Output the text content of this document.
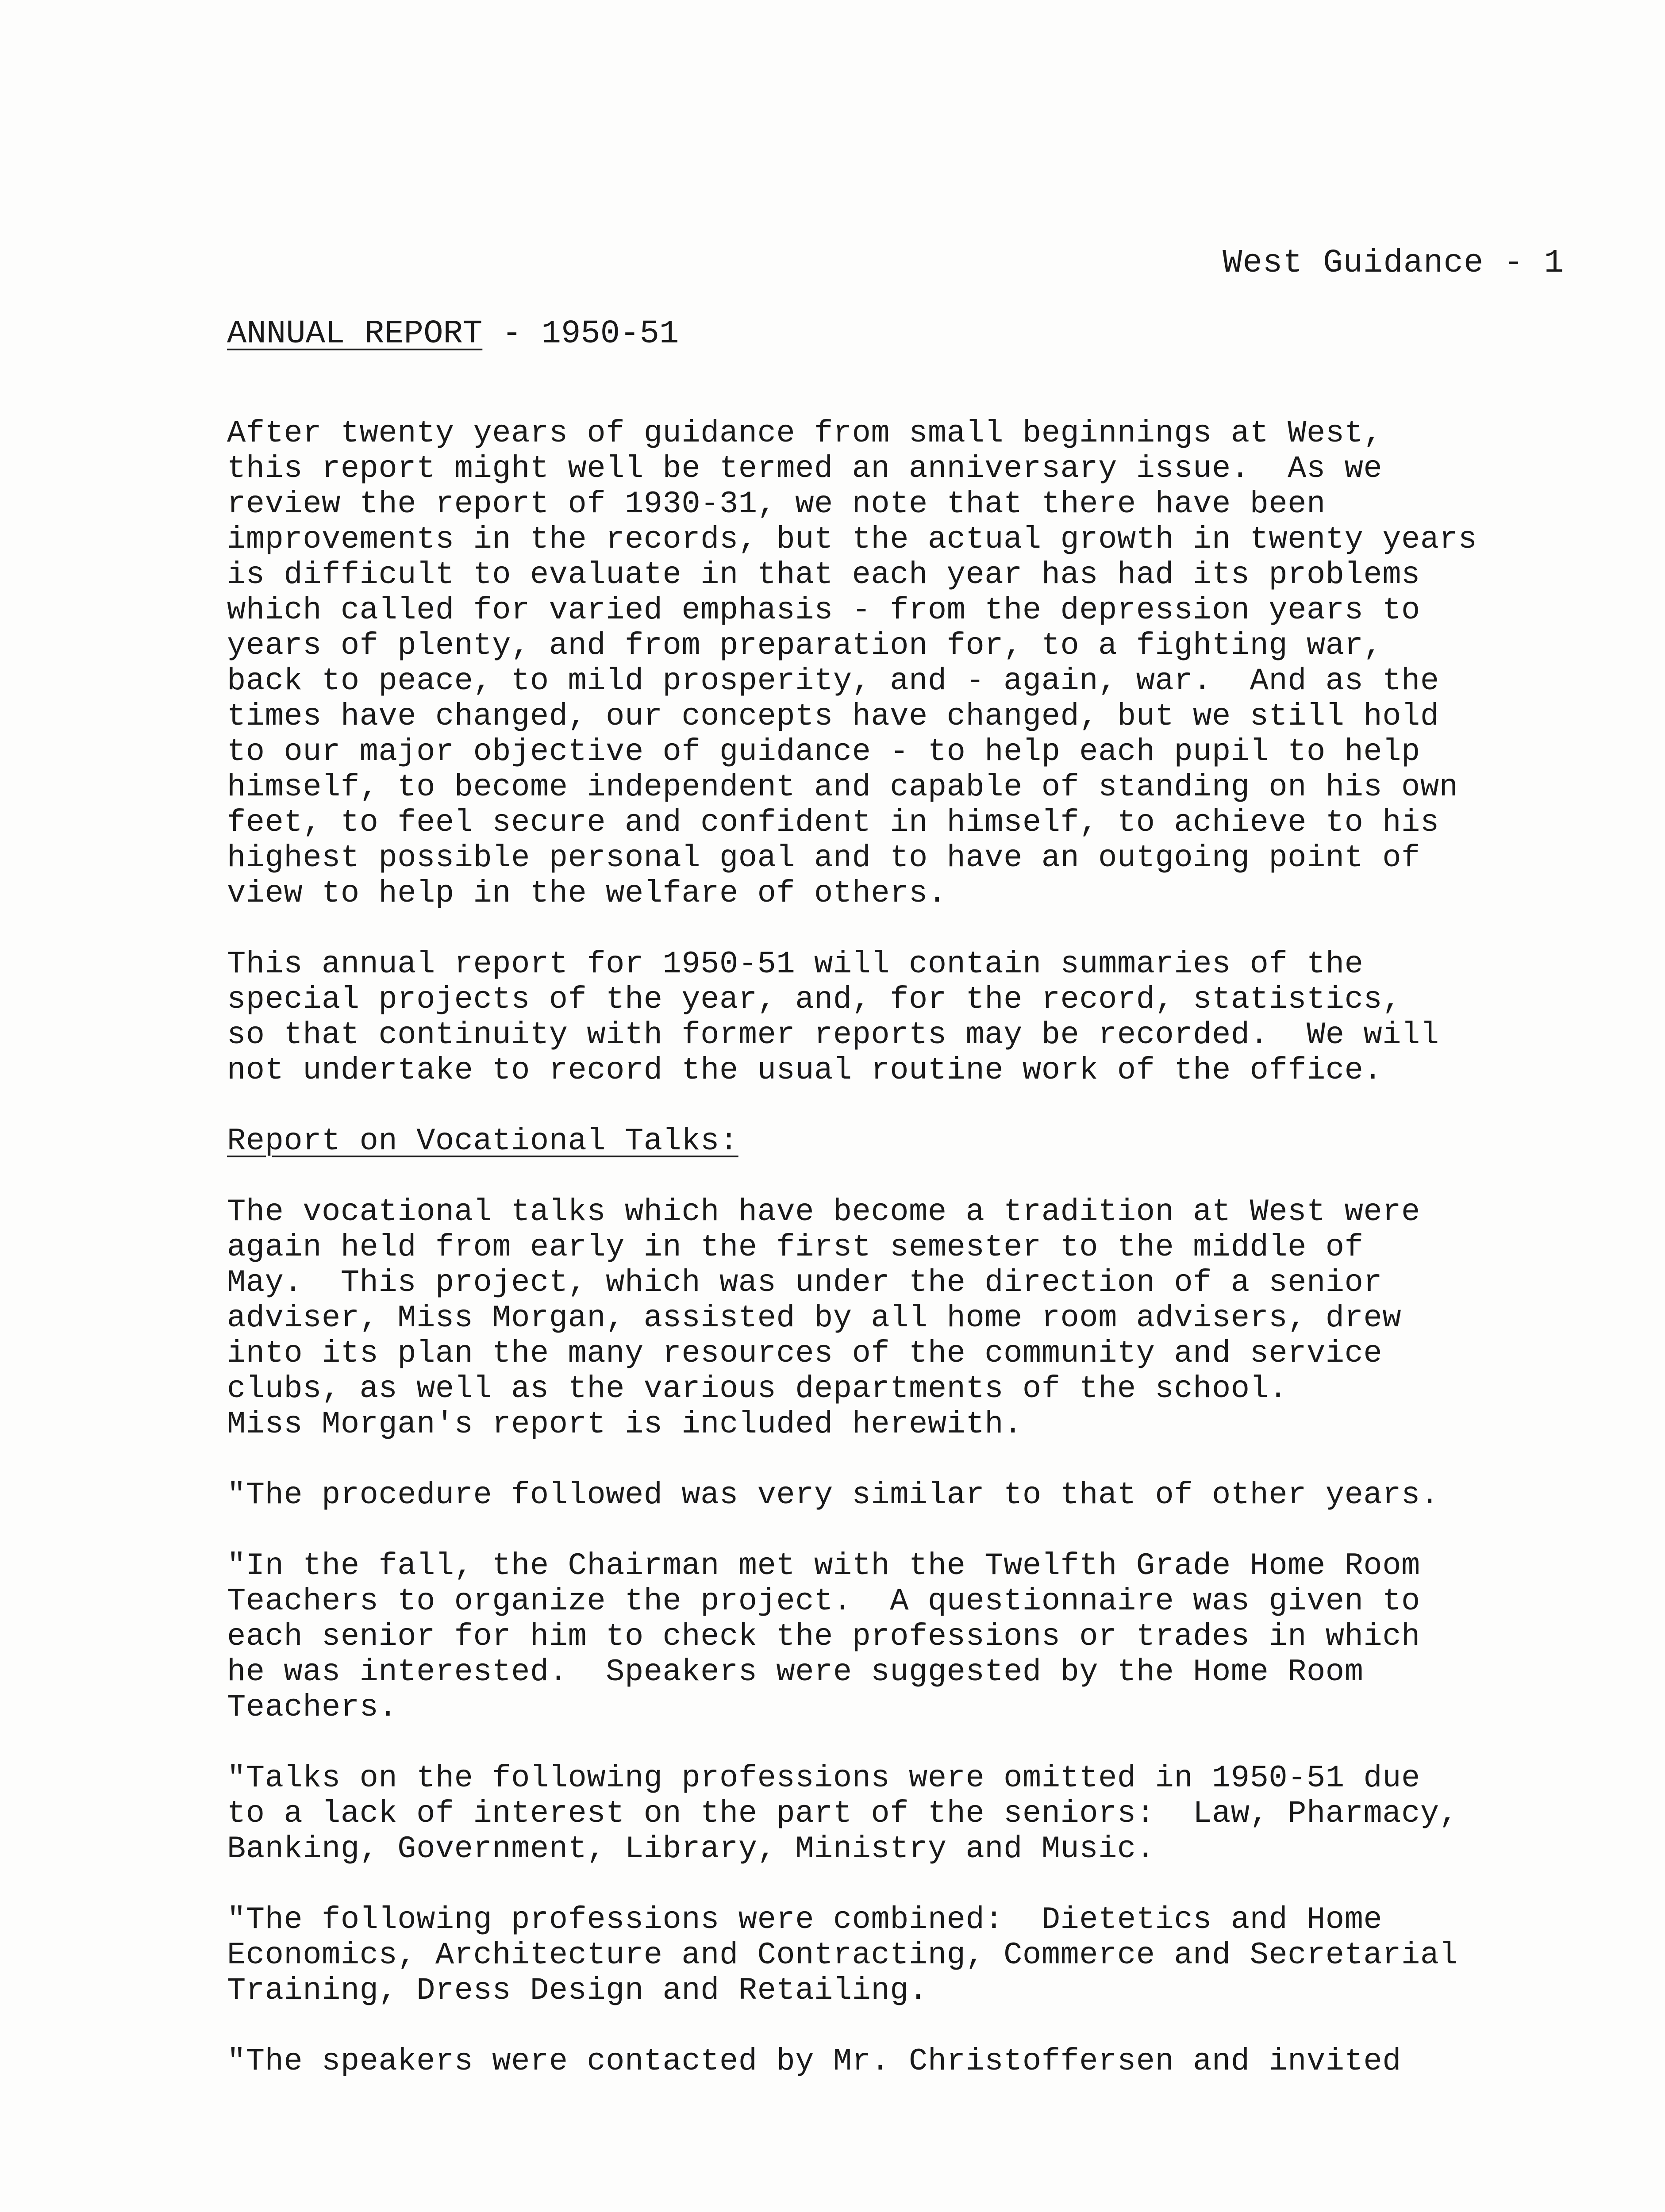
West Guidance - 1
ANNUAL REPORT - 1950-51
After twenty years of guidance from small beginnings at West,
this report might well be termed an anniversary issue.  As we
review the report of 1930-31, we note that there have been
improvements in the records, but the actual growth in twenty years
is difficult to evaluate in that each year has had its problems
which called for varied emphasis - from the depression years to
years of plenty, and from preparation for, to a fighting war,
back to peace, to mild prosperity, and - again, war.  And as the
times have changed, our concepts have changed, but we still hold
to our major objective of guidance - to help each pupil to help
himself, to become independent and capable of standing on his own
feet, to feel secure and confident in himself, to achieve to his
highest possible personal goal and to have an outgoing point of
view to help in the welfare of others.
This annual report for 1950-51 will contain summaries of the
special projects of the year, and, for the record, statistics,
so that continuity with former reports may be recorded.  We will
not undertake to record the usual routine work of the office.
Report on Vocational Talks:
The vocational talks which have become a tradition at West were
again held from early in the first semester to the middle of
May.  This project, which was under the direction of a senior
adviser, Miss Morgan, assisted by all home room advisers, drew
into its plan the many resources of the community and service
clubs, as well as the various departments of the school.
Miss Morgan's report is included herewith.
"The procedure followed was very similar to that of other years.
"In the fall, the Chairman met with the Twelfth Grade Home Room
Teachers to organize the project.  A questionnaire was given to
each senior for him to check the professions or trades in which
he was interested.  Speakers were suggested by the Home Room
Teachers.
"Talks on the following professions were omitted in 1950-51 due
to a lack of interest on the part of the seniors:  Law, Pharmacy,
Banking, Government, Library, Ministry and Music.
"The following professions were combined:  Dietetics and Home
Economics, Architecture and Contracting, Commerce and Secretarial
Training, Dress Design and Retailing.
"The speakers were contacted by Mr. Christoffersen and invited
